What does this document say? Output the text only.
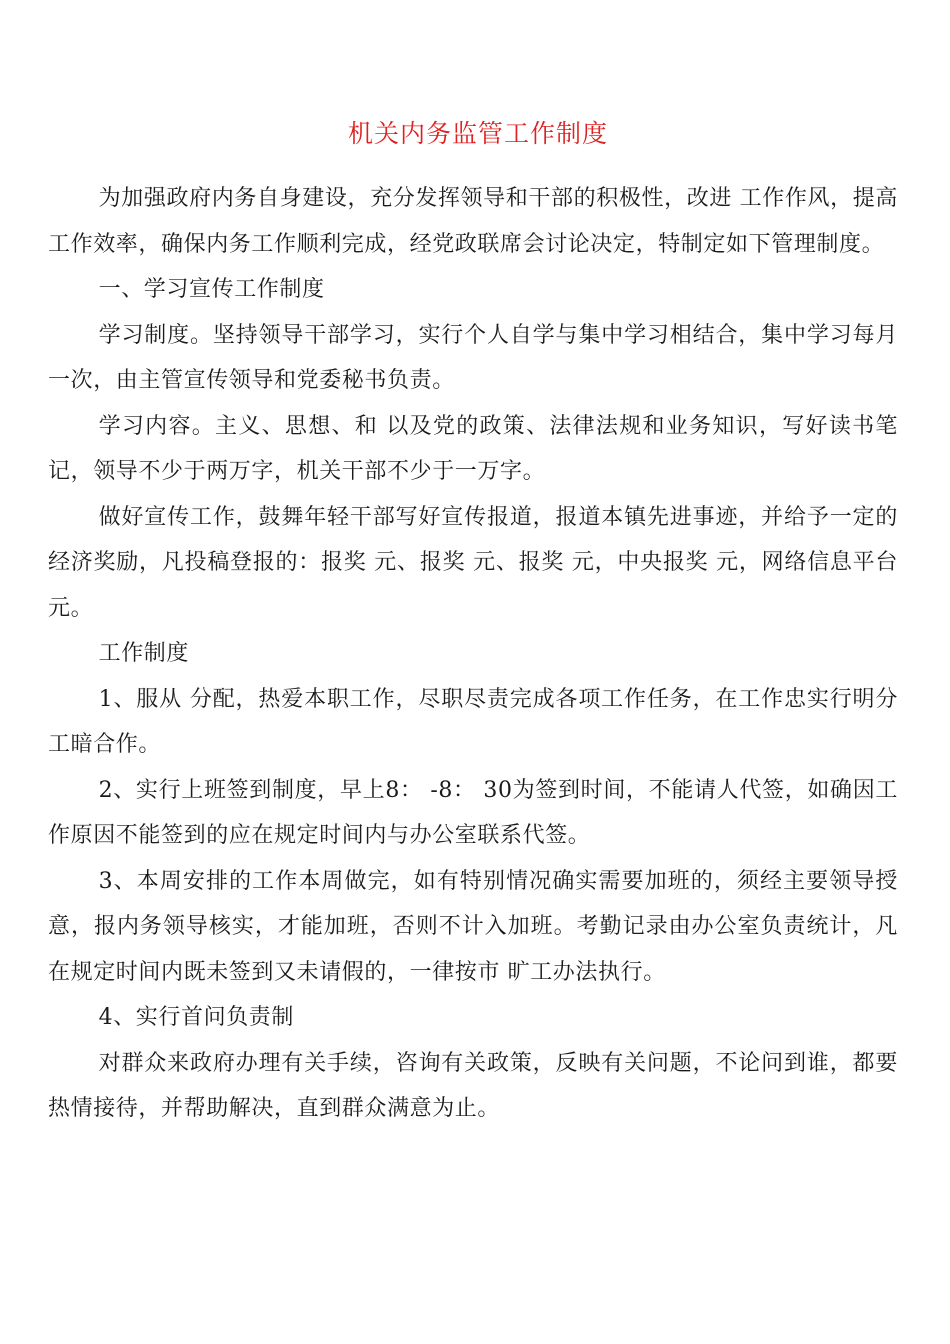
机关内务监管工作制度

为加强政府内务自身建设，充分发挥领导和干部的积极性，改进 工作作风，提高工作效率，确保内务工作顺利完成，经党政联席会讨论决定，特制定如下管理制度。

一、学习宣传工作制度

学习制度。坚持领导干部学习，实行个人自学与集中学习相结合，集中学习每月一次，由主管宣传领导和党委秘书负责。

学习内容。主义、思想、和 以及党的政策、法律法规和业务知识，写好读书笔记，领导不少于两万字，机关干部不少于一万字。

做好宣传工作，鼓舞年轻干部写好宣传报道，报道本镇先进事迹，并给予一定的经济奖励，凡投稿登报的：报奖 元、报奖 元、报奖 元，中央报奖 元，网络信息平台 元。

工作制度

1、服从 分配，热爱本职工作，尽职尽责完成各项工作任务，在工作忠实行明分工暗合作。

2、实行上班签到制度，早上8： -8： 30为签到时间，不能请人代签，如确因工作原因不能签到的应在规定时间内与办公室联系代签。

3、本周安排的工作本周做完，如有特别情况确实需要加班的，须经主要领导授意，报内务领导核实，才能加班，否则不计入加班。考勤记录由办公室负责统计，凡在规定时间内既未签到又未请假的，一律按市 旷工办法执行。

4、实行首问负责制

对群众来政府办理有关手续，咨询有关政策，反映有关问题，不论问到谁，都要热情接待，并帮助解决，直到群众满意为止。
